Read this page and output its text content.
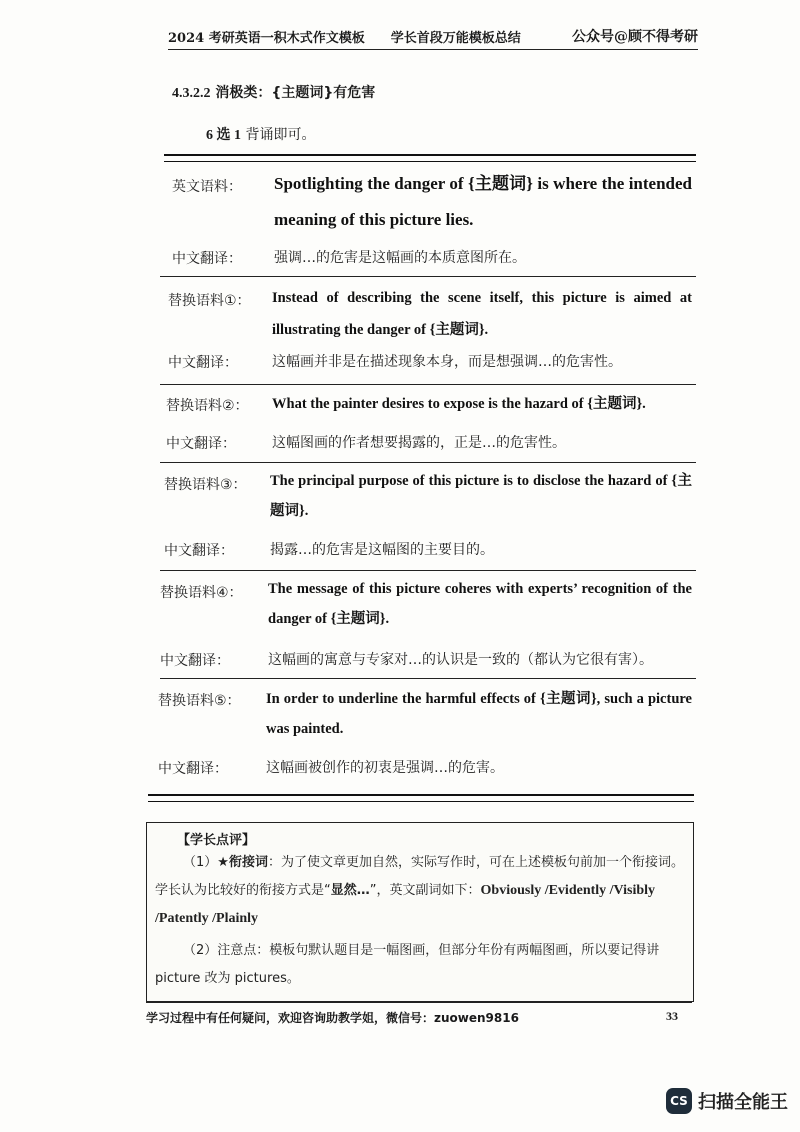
2024 考研英语一积木式作文模板 学长首段万能模板总结	公众号@顾不得考研
4.3.2.2 消极类：{主题词}有危害
6 选 1 背诵即可。
英文语料： Spotlighting the danger of {主题词} is where the intended meaning of this picture lies.
中文翻译： 强调…的危害是这幅画的本质意图所在。
替换语料①： Instead of describing the scene itself, this picture is aimed at illustrating the danger of {主题词}.
中文翻译： 这幅画并非是在描述现象本身，而是想强调…的危害性。
替换语料②： What the painter desires to expose is the hazard of {主题词}.
中文翻译：	这幅图画的作者想要揭露的，正是…的危害性。
替换语料③： The principal purpose of this picture is to disclose the hazard of {主题词}.
中文翻译：	揭露…的危害是这幅图的主要目的。
替换语料④： The message of this picture coheres with experts’ recognition of the danger of {主题词}.
中文翻译：	这幅画的寓意与专家对…的认识是一致的（都认为它很有害）。
替换语料⑤： In order to underline the harmful effects of {主题词}, such a picture was painted.
中文翻译：	这幅画被创作的初衷是强调…的危害。
【学长点评】
（1）★衔接词：为了使文章更加自然，实际写作时，可在上述模板句前加一个衔接词。学长认为比较好的衔接方式是“显然…”，英文副词如下：Obviously /Evidently /Visibly /Patently /Plainly
（2）注意点：模板句默认题目是一幅图画，但部分年份有两幅图画，所以要记得讲 picture 改为 pictures。
学习过程中有任何疑问，欢迎咨询助教学姐，微信号：zuowen9816	33
CS 扫描全能王
